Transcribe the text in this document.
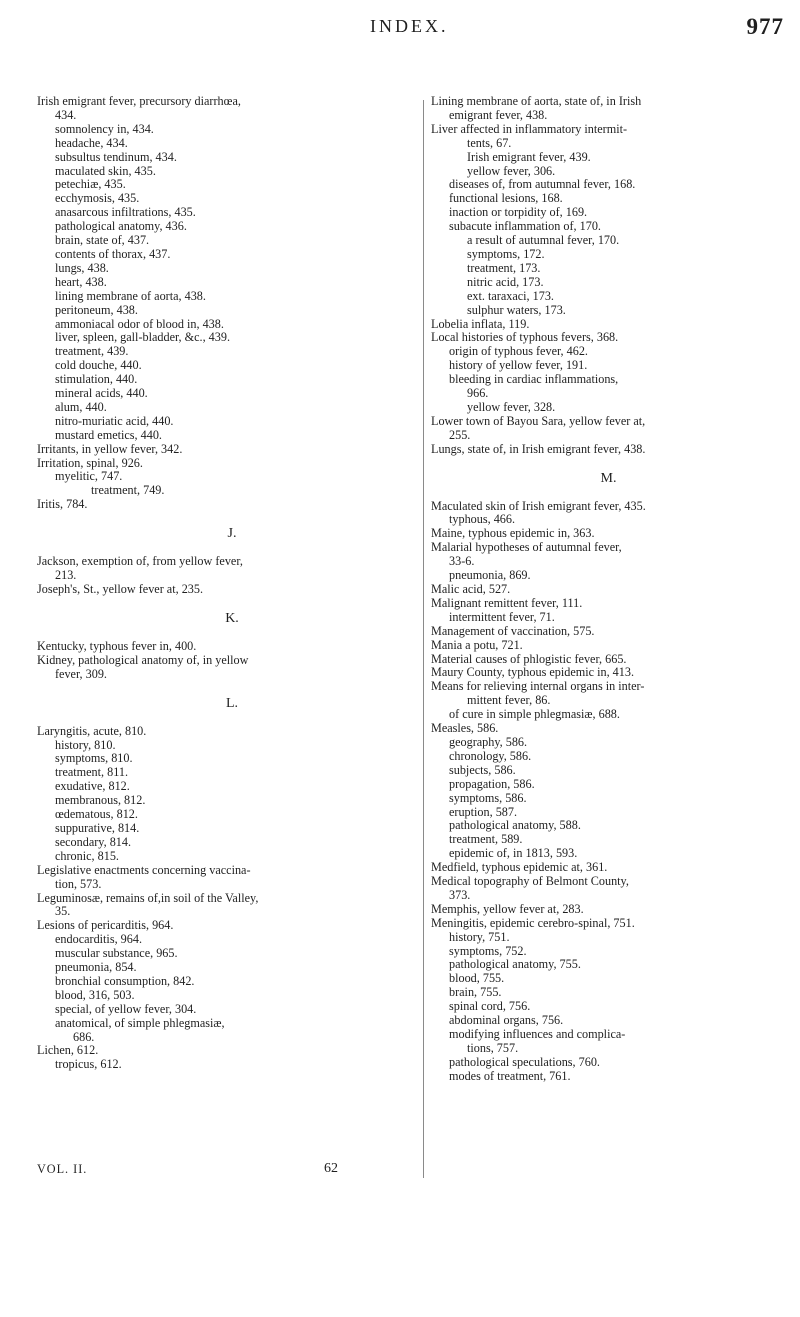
INDEX.	977
Irish emigrant fever, precursory diarrhœa,
434.
somnolency in, 434.
headache, 434.
subsultus tendinum, 434.
maculated skin, 435.
petechiæ, 435.
ecchymosis, 435.
anasarcous infiltrations, 435.
pathological anatomy, 436.
brain, state of, 437.
contents of thorax, 437.
lungs, 438.
heart, 438.
lining membrane of aorta, 438.
peritoneum, 438.
ammoniacal odor of blood in, 438.
liver, spleen, gall-bladder, &c., 439.
treatment, 439.
cold douche, 440.
stimulation, 440.
mineral acids, 440.
alum, 440.
nitro-muriatic acid, 440.
mustard emetics, 440.
Irritants, in yellow fever, 342.
Irritation, spinal, 926.
myelitic, 747.
treatment, 749.
Iritis, 784.
J.
Jackson, exemption of, from yellow fever,
213.
Joseph's, St., yellow fever at, 235.
K.
Kentucky, typhous fever in, 400.
Kidney, pathological anatomy of, in yellow
fever, 309.
L.
Laryngitis, acute, 810.
history, 810.
symptoms, 810.
treatment, 811.
exudative, 812.
membranous, 812.
œdematous, 812.
suppurative, 814.
secondary, 814.
chronic, 815.
Legislative enactments concerning vaccina-
tion, 573.
Leguminosæ, remains of,in soil of the Valley,
35.
Lesions of pericarditis, 964.
endocarditis, 964.
muscular substance, 965.
pneumonia, 854.
bronchial consumption, 842.
blood, 316, 503.
special, of yellow fever, 304.
anatomical, of simple phlegmasiæ,
686.
Lichen, 612.
tropicus, 612.
Lining membrane of aorta, state of, in Irish
emigrant fever, 438.
Liver affected in inflammatory intermit-
tents, 67.
Irish emigrant fever, 439.
yellow fever, 306.
diseases of, from autumnal fever, 168.
functional lesions, 168.
inaction or torpidity of, 169.
subacute inflammation of, 170.
a result of autumnal fever, 170.
symptoms, 172.
treatment, 173.
nitric acid, 173.
ext. taraxaci, 173.
sulphur waters, 173.
Lobelia inflata, 119.
Local histories of typhous fevers, 368.
origin of typhous fever, 462.
history of yellow fever, 191.
bleeding in cardiac inflammations,
966.
yellow fever, 328.
Lower town of Bayou Sara, yellow fever at,
255.
Lungs, state of, in Irish emigrant fever, 438.
M.
Maculated skin of Irish emigrant fever, 435.
typhous, 466.
Maine, typhous epidemic in, 363.
Malarial hypotheses of autumnal fever,
33-6.
pneumonia, 869.
Malic acid, 527.
Malignant remittent fever, 111.
intermittent fever, 71.
Management of vaccination, 575.
Mania a potu, 721.
Material causes of phlogistic fever, 665.
Maury County, typhous epidemic in, 413.
Means for relieving internal organs in inter-
mittent fever, 86.
of cure in simple phlegmasiæ, 688.
Measles, 586.
geography, 586.
chronology, 586.
subjects, 586.
propagation, 586.
symptoms, 586.
eruption, 587.
pathological anatomy, 588.
treatment, 589.
epidemic of, in 1813, 593.
Medfield, typhous epidemic at, 361.
Medical topography of Belmont County,
373.
Memphis, yellow fever at, 283.
Meningitis, epidemic cerebro-spinal, 751.
history, 751.
symptoms, 752.
pathological anatomy, 755.
blood, 755.
brain, 755.
spinal cord, 756.
abdominal organs, 756.
modifying influences and complica-
tions, 757.
pathological speculations, 760.
modes of treatment, 761.
VOL. II.	62
